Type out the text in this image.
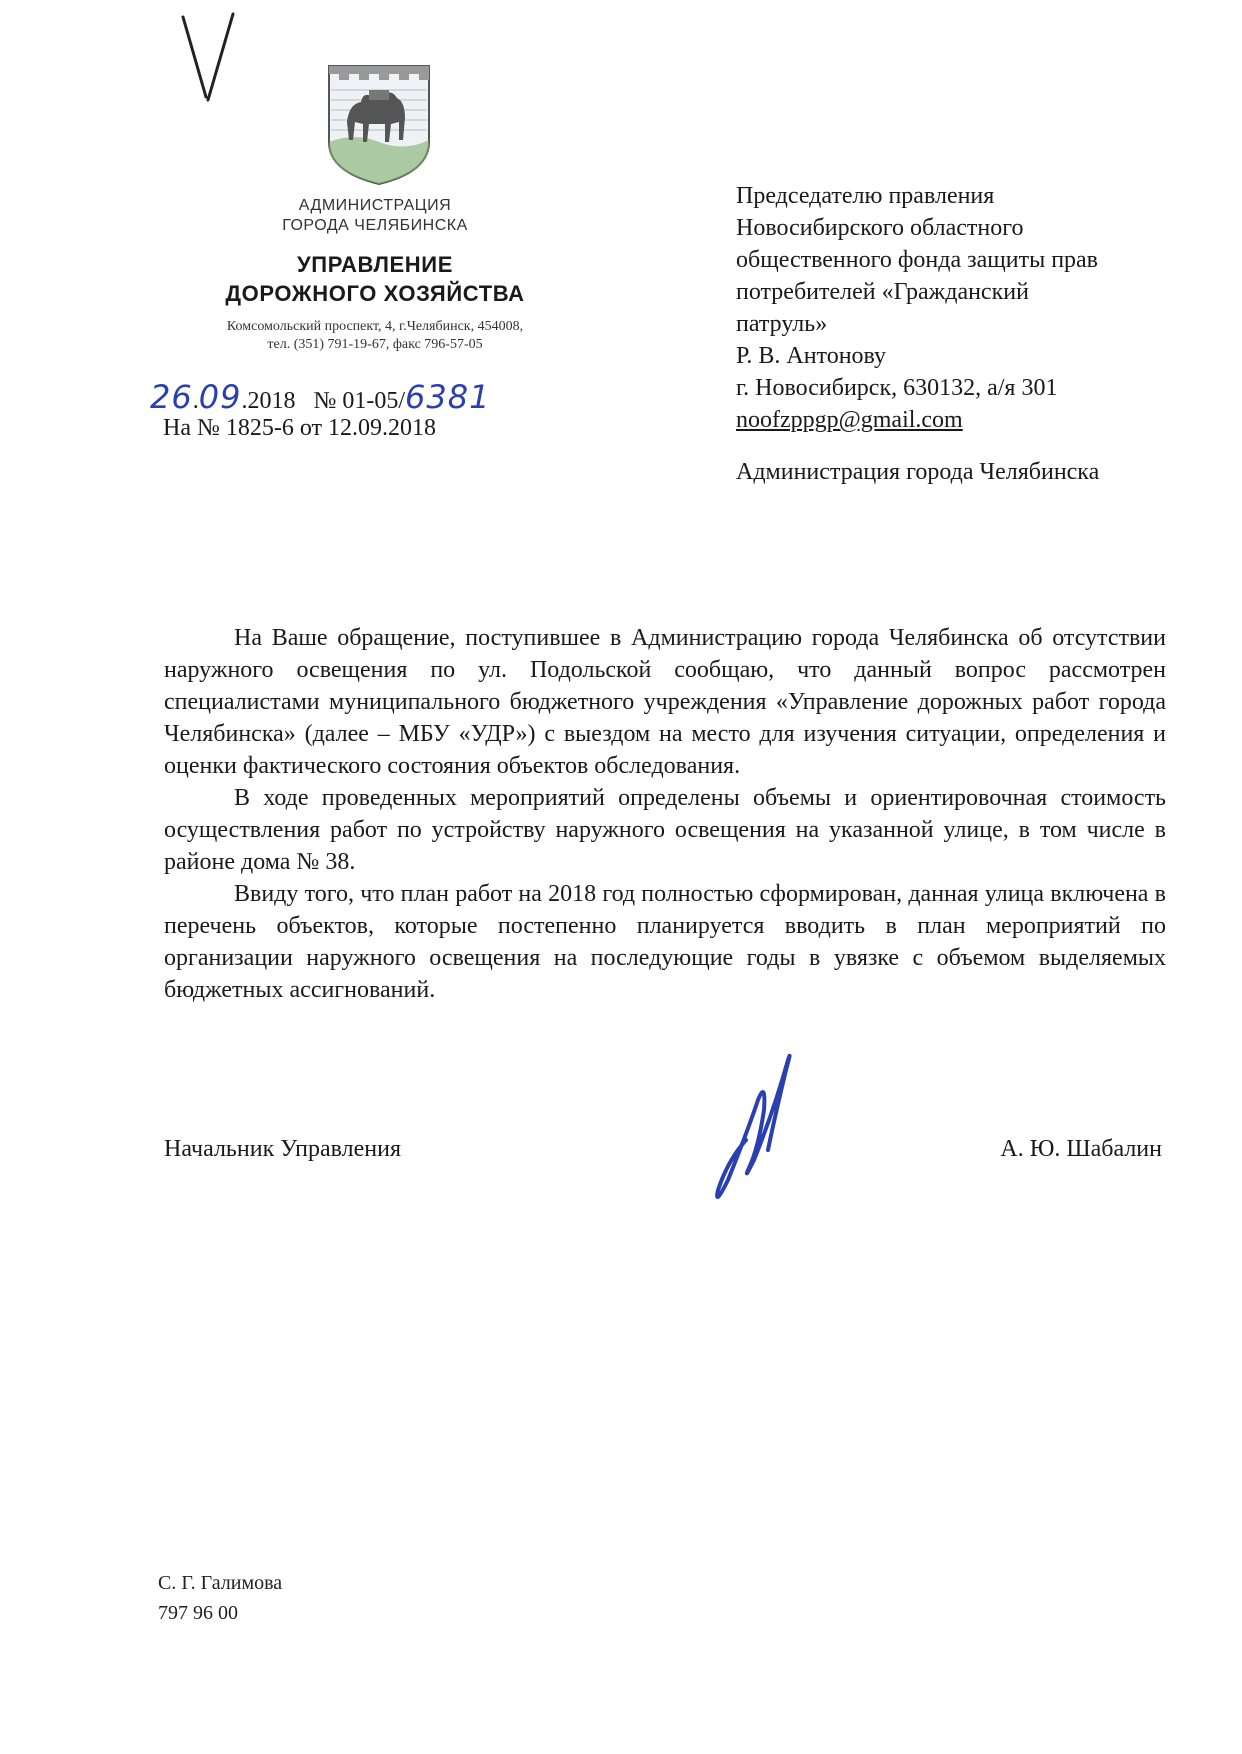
АДМИНИСТРАЦИЯ
ГОРОДА ЧЕЛЯБИНСКА
УПРАВЛЕНИЕ
ДОРОЖНОГО ХОЗЯЙСТВА
Комсомольский проспект, 4, г.Челябинск, 454008,
тел. (351) 791-19-67, факс 796-57-05
26.09.2018 № 01-05/6381
На № 1825-6 от 12.09.2018
Председателю правления
Новосибирского областного
общественного фонда защиты прав
потребителей «Гражданский
патруль»
Р. В. Антонову
г. Новосибирск, 630132, а/я 301
noofzppgp@gmail.com
Администрация города Челябинска

На Ваше обращение, поступившее в Администрацию города Челябинска об отсутствии наружного освещения по ул. Подольской сообщаю, что данный вопрос рассмотрен специалистами муниципального бюджетного учреждения «Управление дорожных работ города Челябинска» (далее – МБУ «УДР») с выездом на место для изучения ситуации, определения и оценки фактического состояния объектов обследования.

В ходе проведенных мероприятий определены объемы и ориентировочная стоимость осуществления работ по устройству наружного освещения на указанной улице, в том числе в районе дома № 38.

Ввиду того, что план работ на 2018 год полностью сформирован, данная улица включена в перечень объектов, которые постепенно планируется вводить в план мероприятий по организации наружного освещения на последующие годы в увязке с объемом выделяемых бюджетных ассигнований.

Начальник Управления	А. Ю. Шабалин
С. Г. Галимова
797 96 00
